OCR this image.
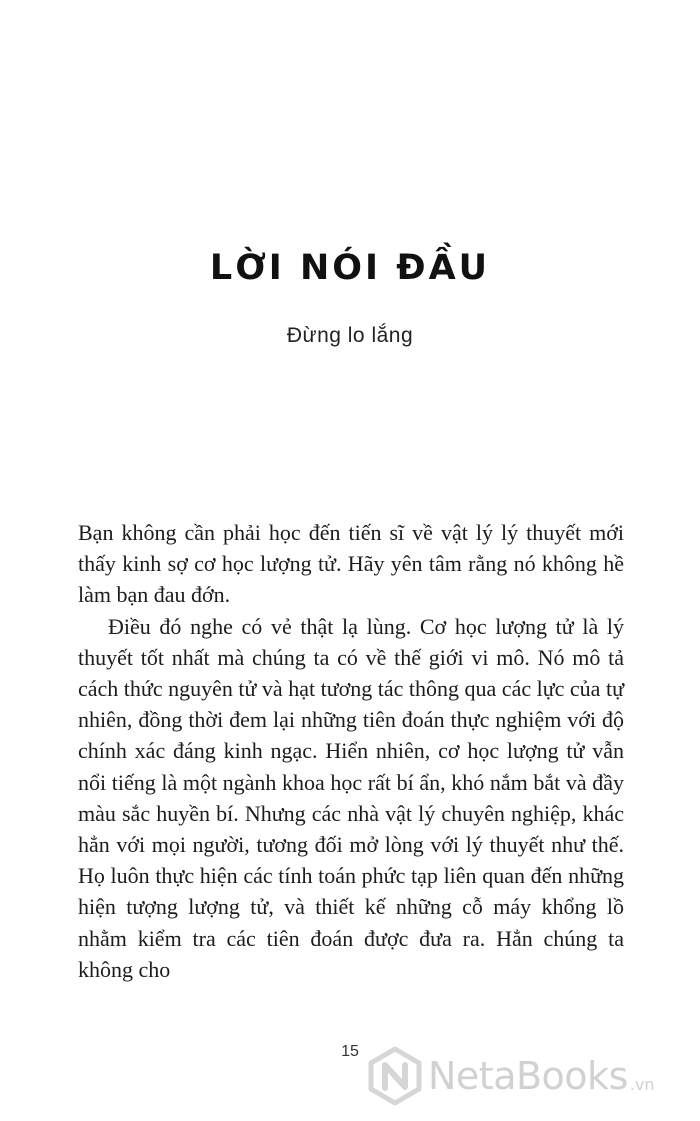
LỜI NÓI ĐẦU
Đừng lo lắng

Bạn không cần phải học đến tiến sĩ về vật lý lý thuyết mới thấy kinh sợ cơ học lượng tử. Hãy yên tâm rằng nó không hề làm bạn đau đớn.

Điều đó nghe có vẻ thật lạ lùng. Cơ học lượng tử là lý thuyết tốt nhất mà chúng ta có về thế giới vi mô. Nó mô tả cách thức nguyên tử và hạt tương tác thông qua các lực của tự nhiên, đồng thời đem lại những tiên đoán thực nghiệm với độ chính xác đáng kinh ngạc. Hiển nhiên, cơ học lượng tử vẫn nổi tiếng là một ngành khoa học rất bí ẩn, khó nắm bắt và đầy màu sắc huyền bí. Nhưng các nhà vật lý chuyên nghiệp, khác hẳn với mọi người, tương đối mở lòng với lý thuyết như thế. Họ luôn thực hiện các tính toán phức tạp liên quan đến những hiện tượng lượng tử, và thiết kế những cỗ máy khổng lồ nhằm kiểm tra các tiên đoán được đưa ra. Hẳn chúng ta không cho

15
NetaBooks .vn
